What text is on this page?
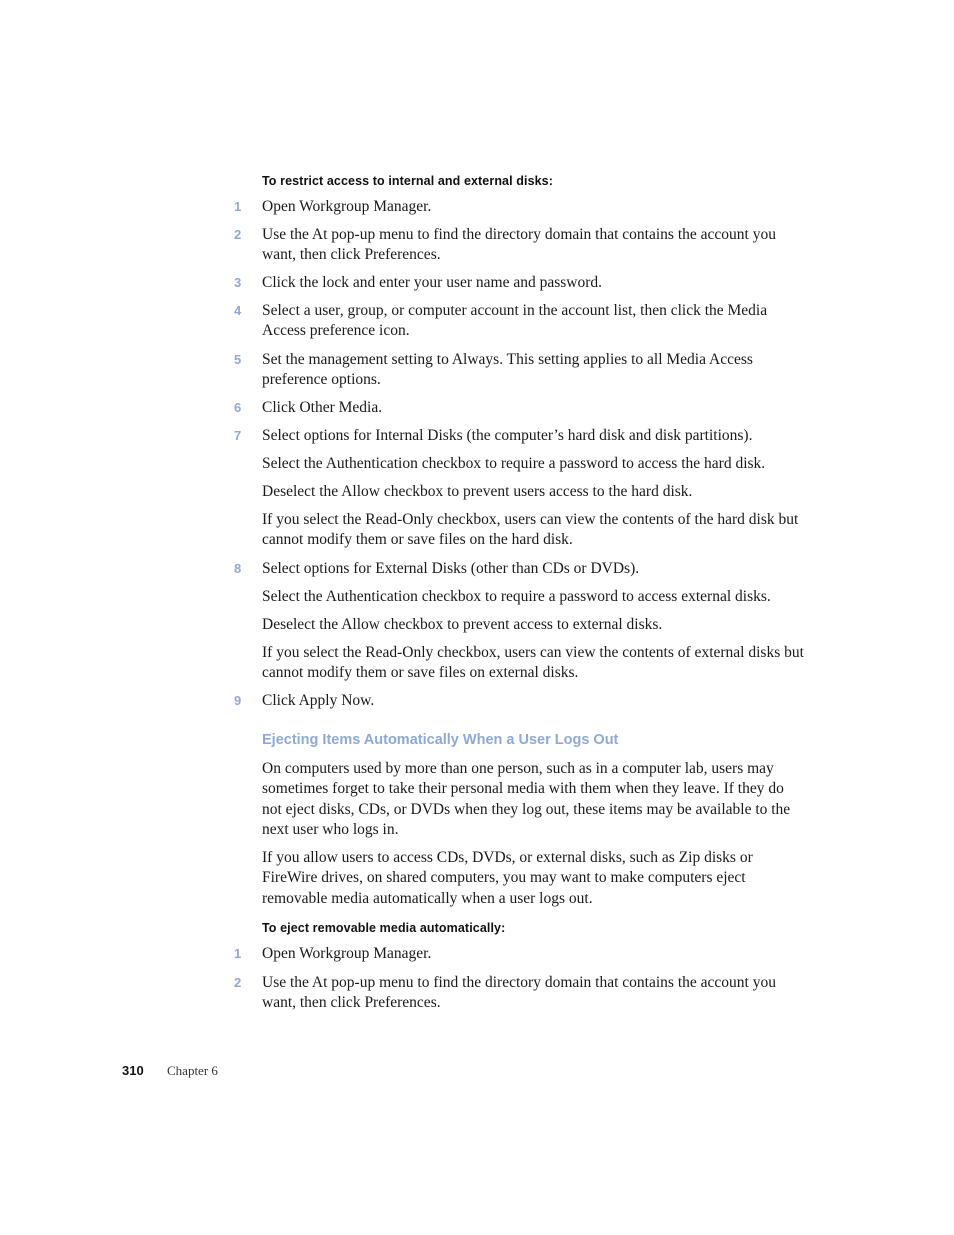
To restrict access to internal and external disks:
1	Open Workgroup Manager.
2	Use the At pop-up menu to find the directory domain that contains the account you want, then click Preferences.
3	Click the lock and enter your user name and password.
4	Select a user, group, or computer account in the account list, then click the Media Access preference icon.
5	Set the management setting to Always. This setting applies to all Media Access preference options.
6	Click Other Media.
7	Select options for Internal Disks (the computer’s hard disk and disk partitions).
Select the Authentication checkbox to require a password to access the hard disk.
Deselect the Allow checkbox to prevent users access to the hard disk.
If you select the Read-Only checkbox, users can view the contents of the hard disk but cannot modify them or save files on the hard disk.
8	Select options for External Disks (other than CDs or DVDs).
Select the Authentication checkbox to require a password to access external disks.
Deselect the Allow checkbox to prevent access to external disks.
If you select the Read-Only checkbox, users can view the contents of external disks but cannot modify them or save files on external disks.
9	Click Apply Now.
Ejecting Items Automatically When a User Logs Out
On computers used by more than one person, such as in a computer lab, users may sometimes forget to take their personal media with them when they leave. If they do not eject disks, CDs, or DVDs when they log out, these items may be available to the next user who logs in.
If you allow users to access CDs, DVDs, or external disks, such as Zip disks or FireWire drives, on shared computers, you may want to make computers eject removable media automatically when a user logs out.
To eject removable media automatically:
1	Open Workgroup Manager.
2	Use the At pop-up menu to find the directory domain that contains the account you want, then click Preferences.
310 Chapter 6
